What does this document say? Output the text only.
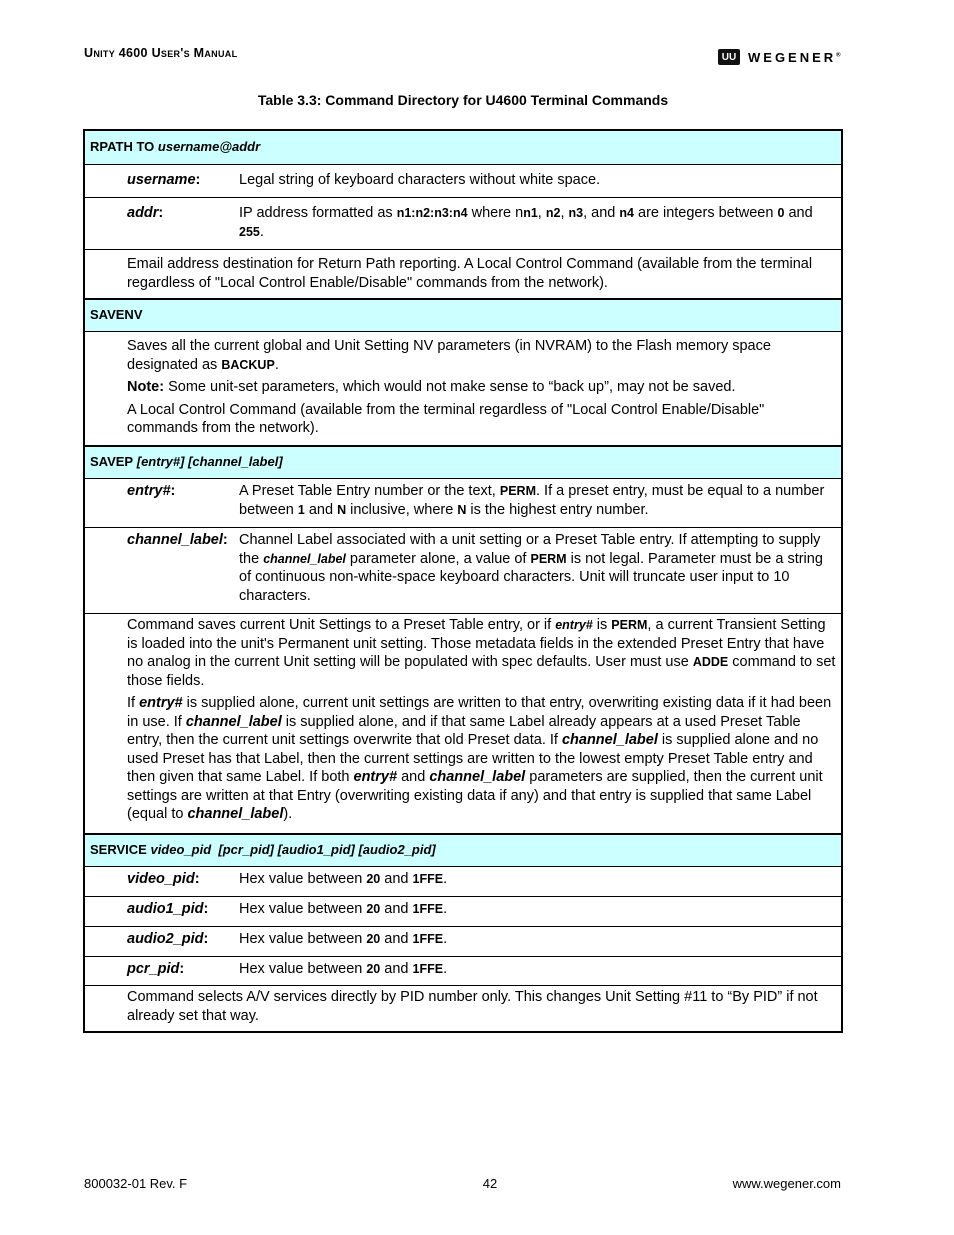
Unity 4600 User's Manual	UU WEGENER®
Table 3.3: Command Directory for U4600 Terminal Commands
RPATH TO
username@addr
username:	Legal string of keyboard characters without white space.
addr:	IP address formatted as n1:n2:n3:n4 where nn1, n2, n3, and n4 are integers between 0 and 255.

Email address destination for Return Path reporting. A Local Control Command (available from the terminal regardless of "Local Control Enable/Disable" commands from the network).

SAVENV

Saves all the current global and Unit Setting NV parameters (in NVRAM) to the Flash memory space designated as BACKUP.

Note: Some unit-set parameters, which would not make sense to “back up”, may not be saved.

A Local Control Command (available from the terminal regardless of "Local Control Enable/Disable" commands from the network).

SAVEP
[entry#] [channel_label]
entry#:	A Preset Table Entry number or the text, PERM. If a preset entry, must be equal to a number between 1 and N inclusive, where N is the highest entry number.
channel_label: Channel Label associated with a unit setting or a Preset Table entry. If attempting to supply the channel_label parameter alone, a value of PERM is not legal. Parameter must be a string of continuous non-white-space keyboard characters. Unit will truncate user input to 10 characters.

Command saves current Unit Settings to a Preset Table entry, or if entry# is PERM, a current Transient Setting is loaded into the unit's Permanent unit setting. Those metadata fields in the extended Preset Entry that have no analog in the current Unit setting will be populated with spec defaults. User must use ADDE command to set those fields.

If entry# is supplied alone, current unit settings are written to that entry, overwriting existing data if it had been in use. If channel_label is supplied alone, and if that same Label already appears at a used Preset Table entry, then the current unit settings overwrite that old Preset data. If channel_label is supplied alone and no used Preset has that Label, then the current settings are written to the lowest empty Preset Table entry and then given that same Label. If both entry# and channel_label parameters are supplied, then the current unit settings are written at that Entry (overwriting existing data if any) and that entry is supplied that same Label (equal to channel_label).

SERVICE
video_pid  [pcr_pid] [audio1_pid] [audio2_pid]
video_pid:	Hex value between 20 and 1FFE.
audio1_pid: Hex value between 20 and 1FFE.
audio2_pid: Hex value between 20 and 1FFE.
pcr_pid:	Hex value between 20 and 1FFE.

Command selects A/V services directly by PID number only. This changes Unit Setting #11 to “By PID” if not already set that way.

800032-01 Rev. F	42	www.wegener.com
